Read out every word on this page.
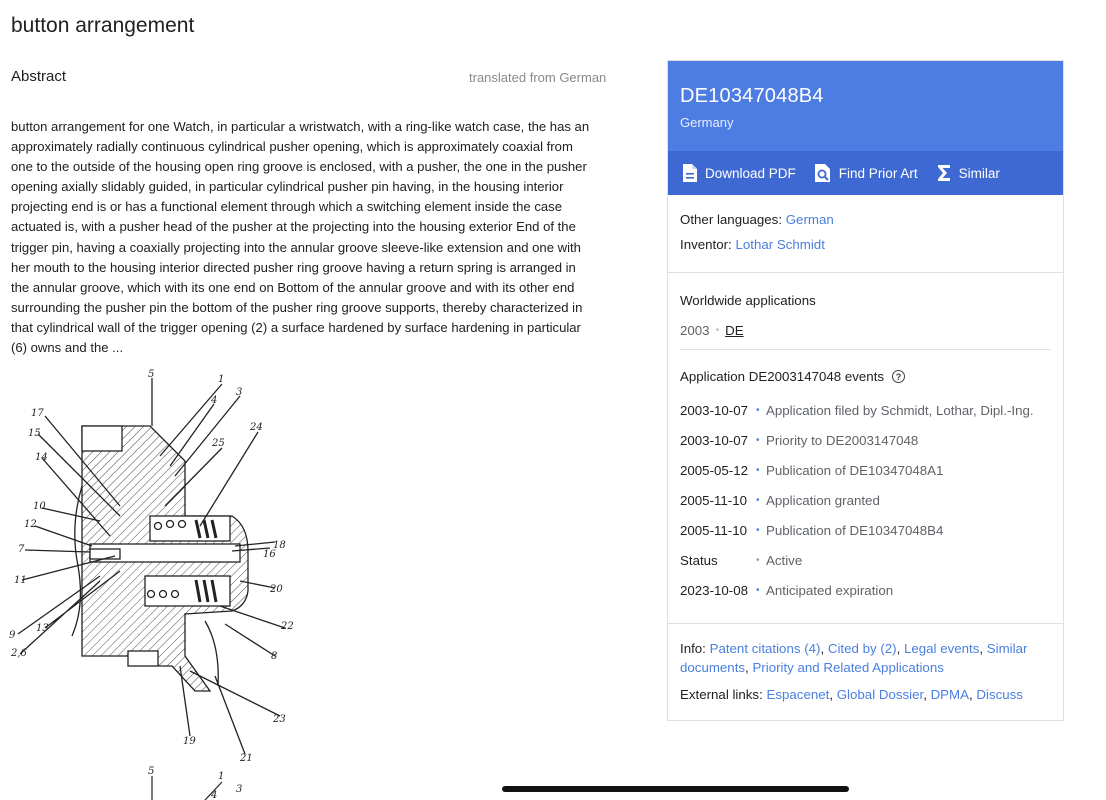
button arrangement
Abstract	translated from German
button arrangement for one Watch, in particular a wristwatch, with a ring-like watch case, the has an
approximately radially continuous cylindrical pusher opening, which is approximately coaxial from
one to the outside of the housing open ring groove is enclosed, with a pusher, the one in the pusher
opening axially slidably guided, in particular cylindrical pusher pin having, in the housing interior
projecting end is or has a functional element through which a switching element inside the case
actuated is, with a pusher head of the pusher at the projecting into the housing exterior End of the
trigger pin, having a coaxially projecting into the annular groove sleeve-like extension and one with
her mouth to the housing interior directed pusher ring groove having a return spring is arranged in
the annular groove, which with its one end on Bottom of the annular groove and with its other end
surrounding the pusher pin the bottom of the pusher ring groove supports, thereby characterized in
that cylindrical wall of the trigger opening (2) a surface hardened by surface hardening in particular
(6) owns and the ...
5	1
3
4
17
15
14
25
24
10
12
7	16
18
11
20
22
9
13
2,6	8
23
19
21
5	1
4
3
DE10347048B4
Germany
Download PDF	Find Prior Art	Similar
Other languages: German
Inventor: Lothar Schmidt
Worldwide applications
2003 • DE
Application DE2003147048 events	?
2003-10-07 • Application filed by Schmidt, Lothar, Dipl.-Ing.
2003-10-07 • Priority to DE2003147048
2005-05-12 • Publication of DE10347048A1
2005-11-10 • Application granted
2005-11-10 • Publication of DE10347048B4
Status	• Active
2023-10-08 • Anticipated expiration
Info: Patent citations (4), Cited by (2), Legal events, Similar documents, Priority and Related Applications
External links: Espacenet, Global Dossier, DPMA, Discuss
